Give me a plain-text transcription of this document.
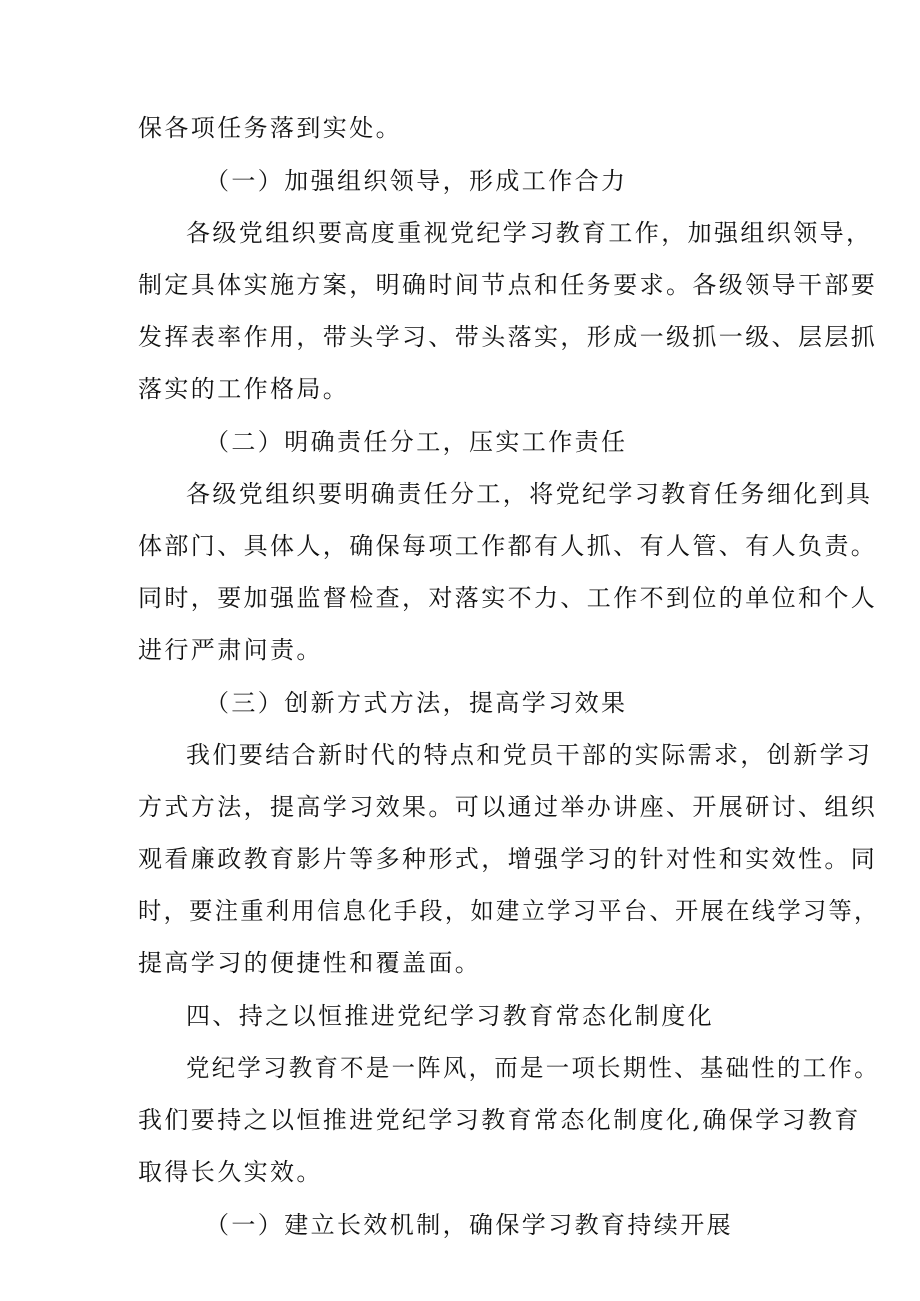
保各项任务落到实处。
（一）加强组织领导，形成工作合力
各级党组织要高度重视党纪学习教育工作，加强组织领导，
制定具体实施方案，明确时间节点和任务要求。各级领导干部要
发挥表率作用，带头学习、带头落实，形成一级抓一级、层层抓
落实的工作格局。
（二）明确责任分工，压实工作责任
各级党组织要明确责任分工，将党纪学习教育任务细化到具
体部门、具体人，确保每项工作都有人抓、有人管、有人负责。
同时，要加强监督检查，对落实不力、工作不到位的单位和个人
进行严肃问责。
（三）创新方式方法，提高学习效果
我们要结合新时代的特点和党员干部的实际需求，创新学习
方式方法，提高学习效果。可以通过举办讲座、开展研讨、组织
观看廉政教育影片等多种形式，增强学习的针对性和实效性。同
时，要注重利用信息化手段，如建立学习平台、开展在线学习等，
提高学习的便捷性和覆盖面。
四、持之以恒推进党纪学习教育常态化制度化
党纪学习教育不是一阵风，而是一项长期性、基础性的工作。
我们要持之以恒推进党纪学习教育常态化制度化,确保学习教育
取得长久实效。
（一）建立长效机制，确保学习教育持续开展
